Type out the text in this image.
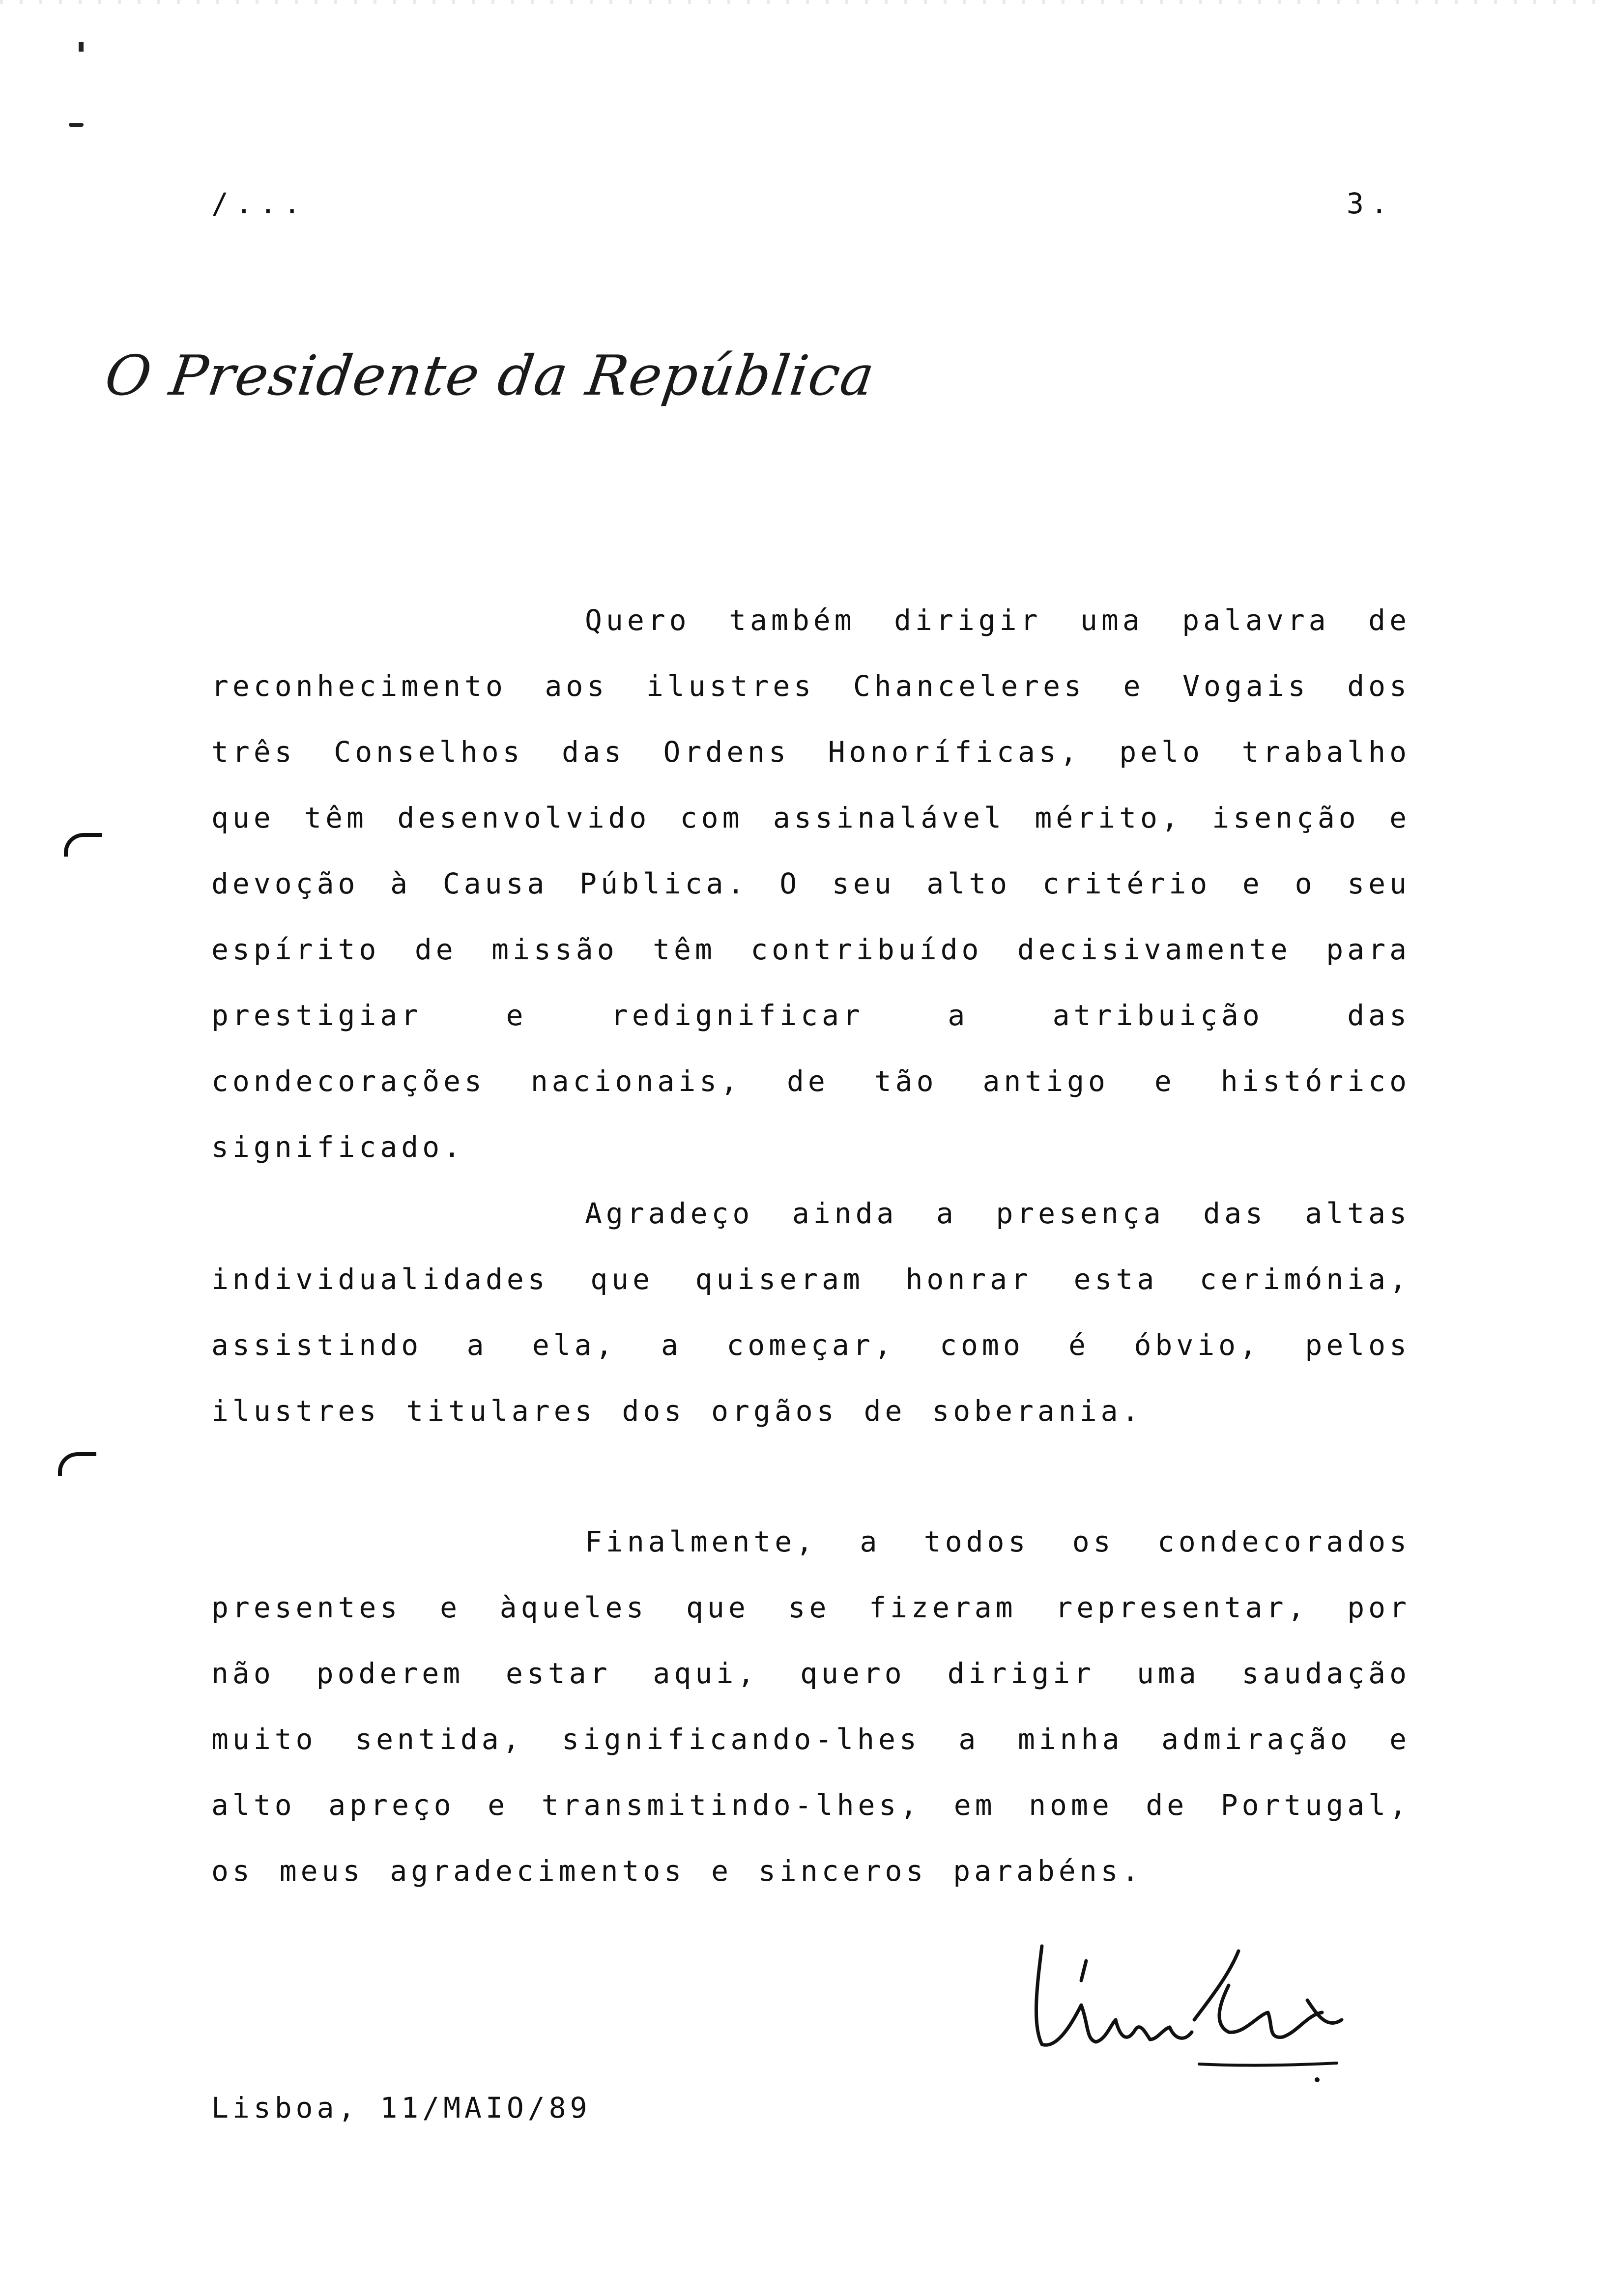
/...	3.
O Presidente da República

Quero também dirigir uma palavra de reconhecimento aos ilustres Chanceleres e Vogais dos três Conselhos das Ordens Honoríficas, pelo trabalho que têm desenvolvido com assinalável mérito, isenção e devoção à Causa Pública. O seu alto critério e o seu espírito de missão têm contribuído decisivamente para prestigiar e redignificar a atribuição das condecorações nacionais, de tão antigo e histórico significado.

Agradeço ainda a presença das altas individualidades que quiseram honrar esta cerimónia, assistindo a ela, a começar, como é óbvio, pelos ilustres titulares dos orgãos de soberania.

Finalmente, a todos os condecorados presentes e àqueles que se fizeram representar, por não poderem estar aqui, quero dirigir uma saudação muito sentida, significando-lhes a minha admiração e alto apreço e transmitindo-lhes, em nome de Portugal, os meus agradecimentos e sinceros parabéns.

Lisboa, 11/MAIO/89
